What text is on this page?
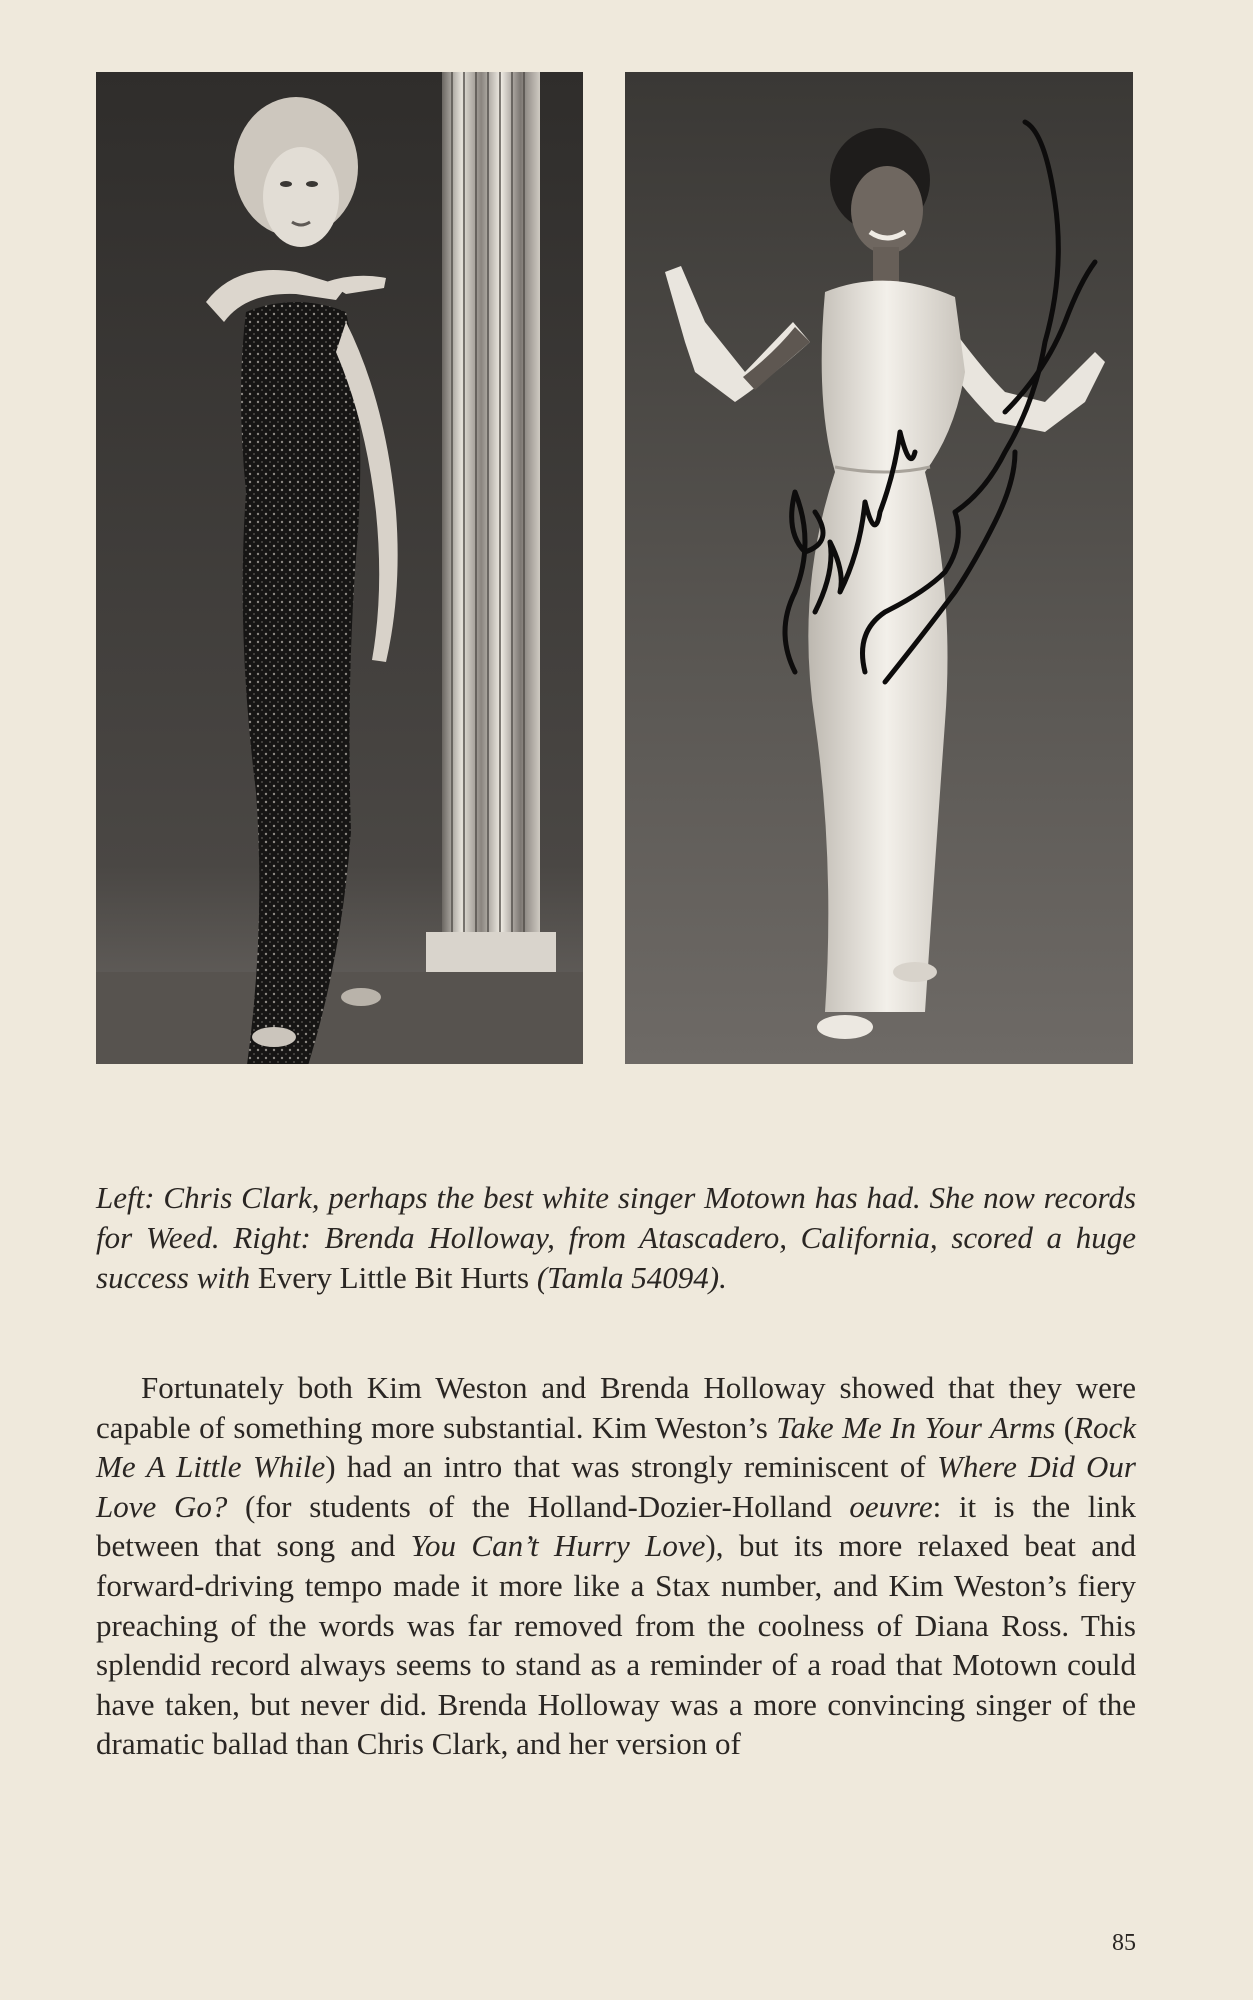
Left: Chris Clark, perhaps the best white singer Motown has had. She now records for Weed. Right: Brenda Holloway, from Atascadero, California, scored a huge success with Every Little Bit Hurts (Tamla 54094).

Fortunately both Kim Weston and Brenda Holloway showed that they were capable of something more substantial. Kim Weston’s Take Me In Your Arms (Rock Me A Little While) had an intro that was strongly reminiscent of Where Did Our Love Go? (for students of the Holland-Dozier-Holland oeuvre: it is the link between that song and You Can’t Hurry Love), but its more relaxed beat and forward-driving tempo made it more like a Stax number, and Kim Weston’s fiery preaching of the words was far removed from the coolness of Diana Ross. This splendid record always seems to stand as a reminder of a road that Motown could have taken, but never did. Brenda Holloway was a more convincing singer of the dramatic ballad than Chris Clark, and her version of

85
